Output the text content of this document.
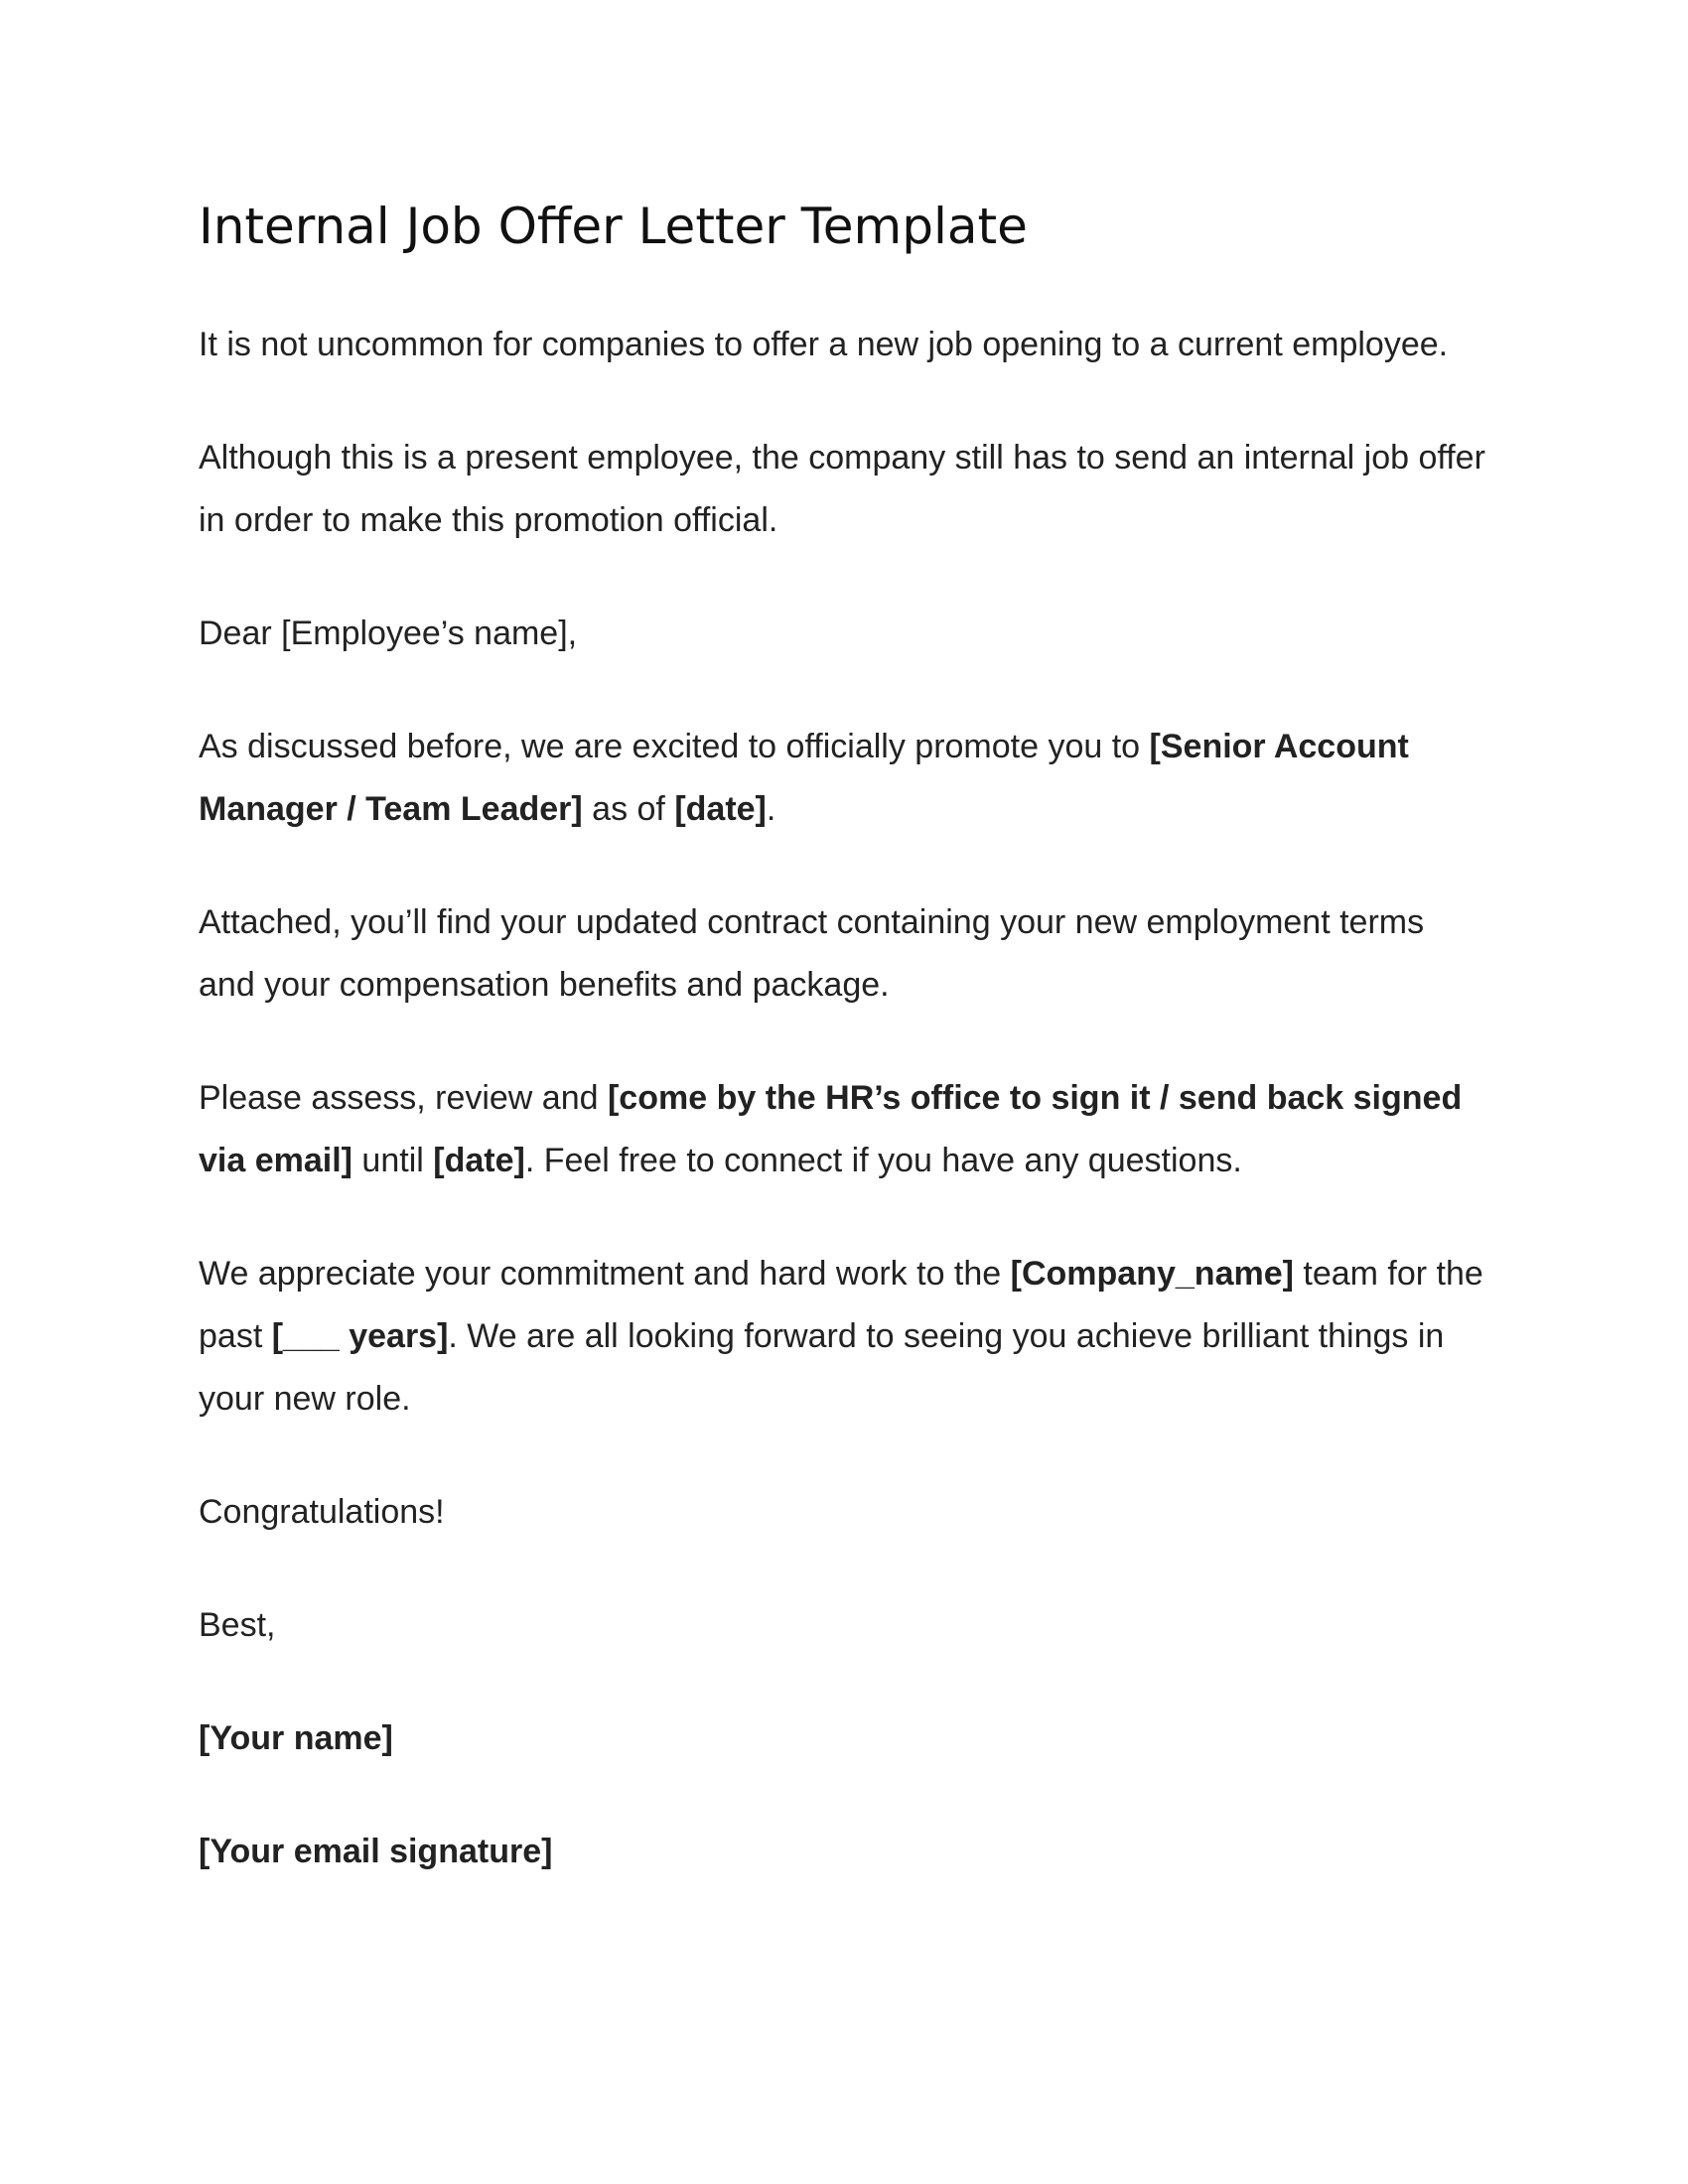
Internal Job Offer Letter Template

It is not uncommon for companies to offer a new job opening to a current employee.

Although this is a present employee, the company still has to send an internal job offer in order to make this promotion official.

Dear [Employee’s name],

As discussed before, we are excited to officially promote you to [Senior Account Manager / Team Leader] as of [date].

Attached, you’ll find your updated contract containing your new employment terms and your compensation benefits and package.

Please assess, review and [come by the HR’s office to sign it / send back signed via email] until [date]. Feel free to connect if you have any questions.

We appreciate your commitment and hard work to the [Company_name] team for the past [___ years]. We are all looking forward to seeing you achieve brilliant things in your new role.

Congratulations!

Best,

[Your name]

[Your email signature]
